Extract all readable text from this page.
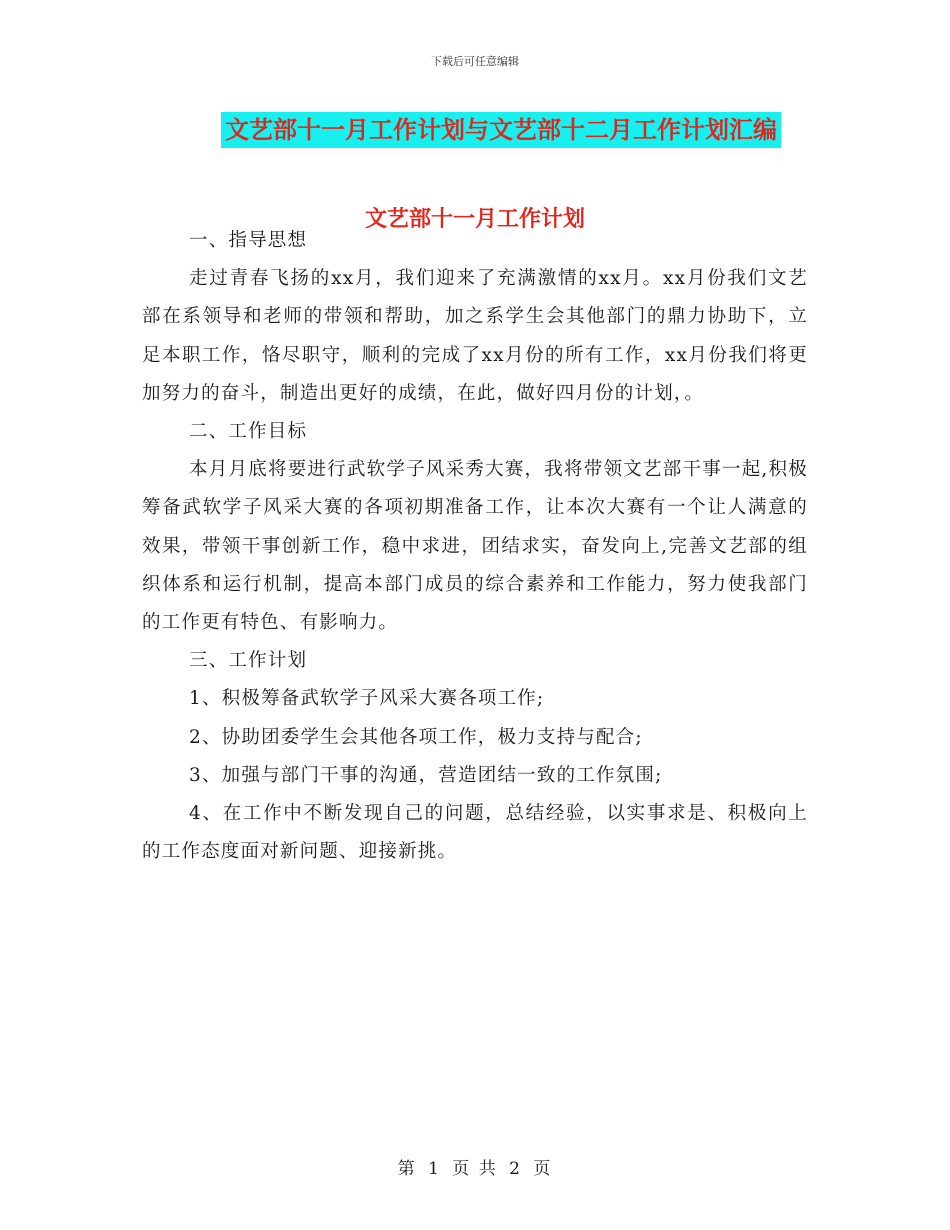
下载后可任意编辑
文艺部十一月工作计划与文艺部十二月工作计划汇编
文艺部十一月工作计划

一、指导思想

走过青春飞扬的xx月，我们迎来了充满激情的xx月。xx月份我们文艺部在系领导和老师的带领和帮助，加之系学生会其他部门的鼎力协助下，立足本职工作，恪尽职守，顺利的完成了xx月份的所有工作，xx月份我们将更加努力的奋斗，制造出更好的成绩，在此，做好四月份的计划，。

二、工作目标

本月月底将要进行武软学子风采秀大赛，我将带领文艺部干事一起,积极筹备武软学子风采大赛的各项初期准备工作，让本次大赛有一个让人满意的效果，带领干事创新工作，稳中求进，团结求实，奋发向上,完善文艺部的组织体系和运行机制，提高本部门成员的综合素养和工作能力，努力使我部门的工作更有特色、有影响力。

三、工作计划

1、积极筹备武软学子风采大赛各项工作;

2、协助团委学生会其他各项工作，极力支持与配合;

3、加强与部门干事的沟通，营造团结一致的工作氛围;

4、在工作中不断发现自己的问题，总结经验，以实事求是、积极向上的工作态度面对新问题、迎接新挑。

第 1 页 共 2 页
